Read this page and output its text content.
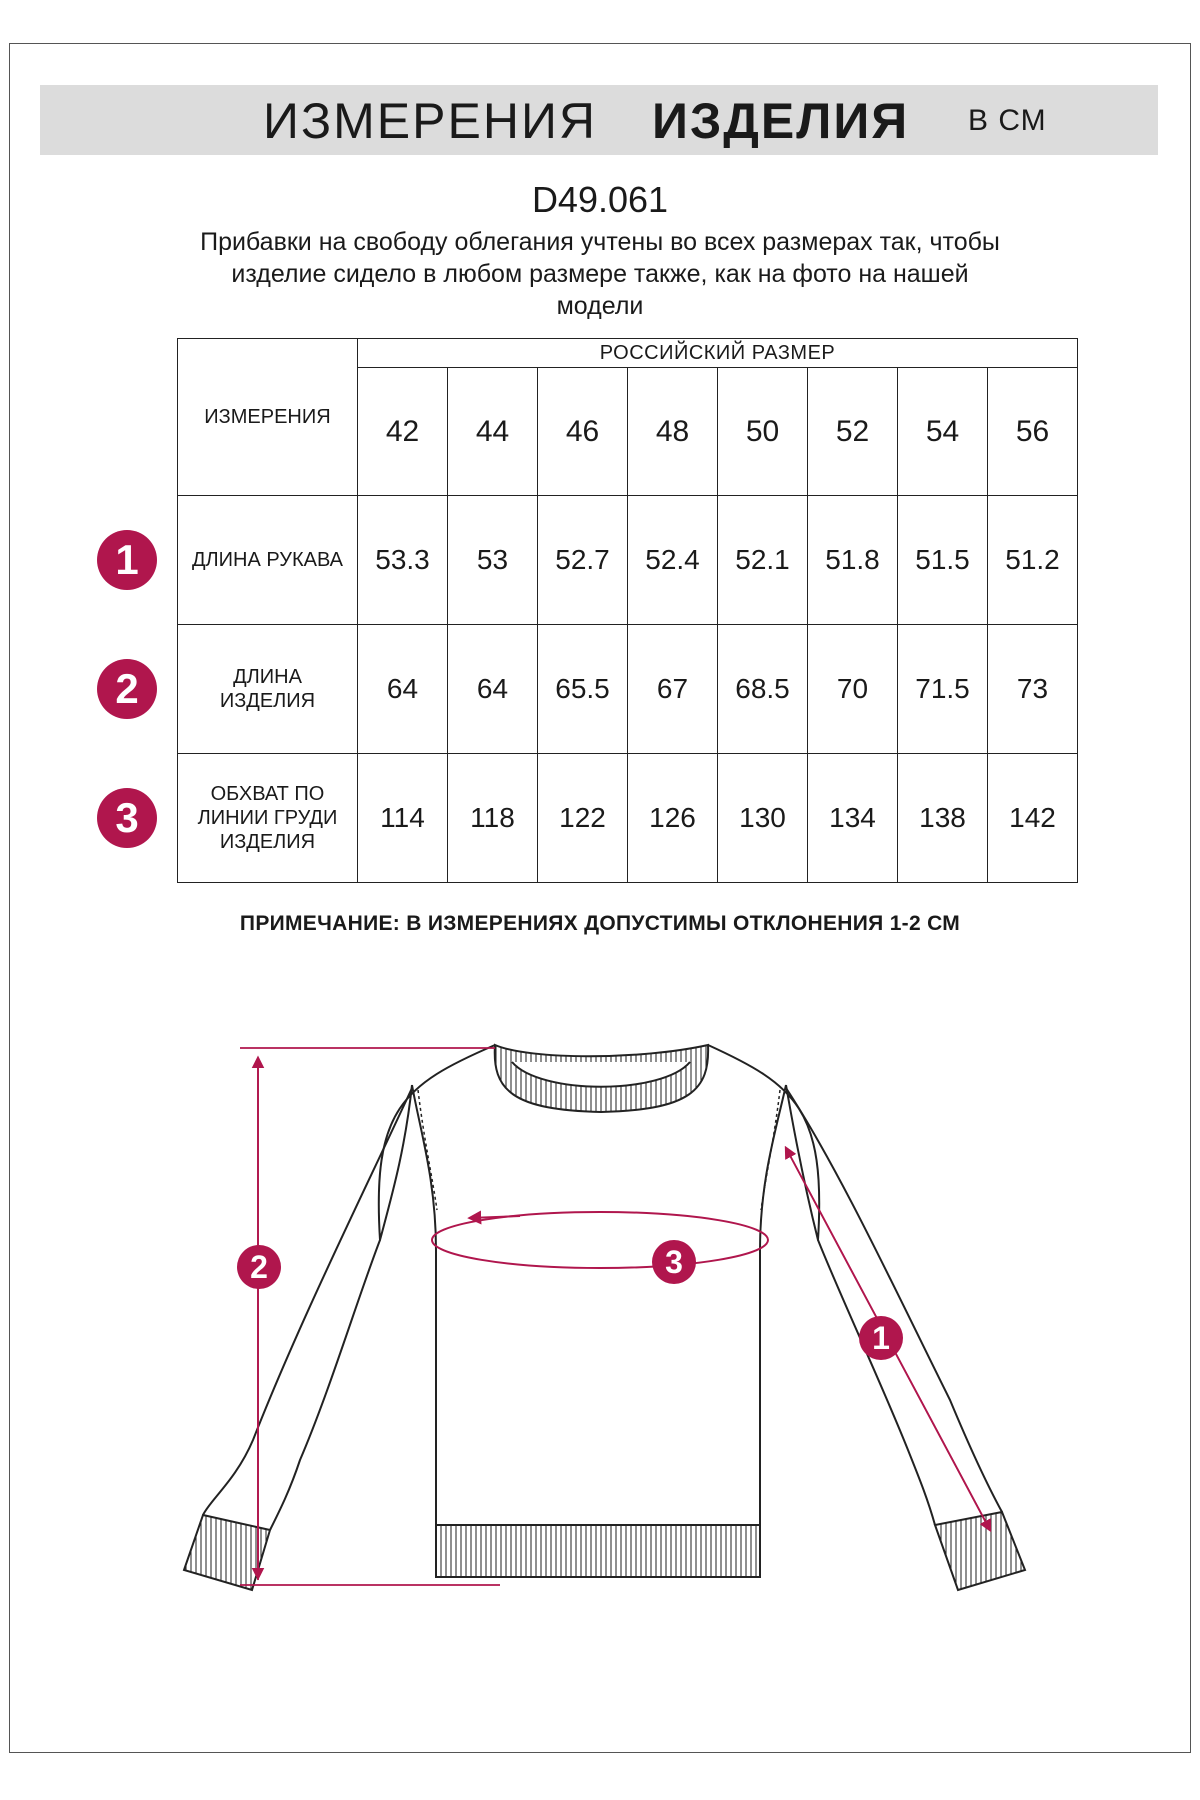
ИЗМЕРЕНИЯ ИЗДЕЛИЯ В СМ
D49.061
Прибавки на свободу облегания учтены во всех размерах так, чтобы
изделие сидело в любом размере также, как на фото на нашей
модели
1
2
3
ИЗМЕРЕНИЯ	РОССИЙСКИЙ РАЗМЕР							
	42	44	46	48	50	52	54	56

ДЛИНА РУКАВА	53.3	53	52.7	52.4	52.1	51.8	51.5	51.2

ДЛИНА
ИЗДЕЛИЯ	64	64	65.5	67	68.5	70	71.5	73

ОБХВАТ ПО
ЛИНИИ ГРУДИ
ИЗДЕЛИЯ	114	118	122	126	130	134	138	142
ПРИМЕЧАНИЕ: В ИЗМЕРЕНИЯХ ДОПУСТИМЫ ОТКЛОНЕНИЯ 1-2 СМ
2	3
1
